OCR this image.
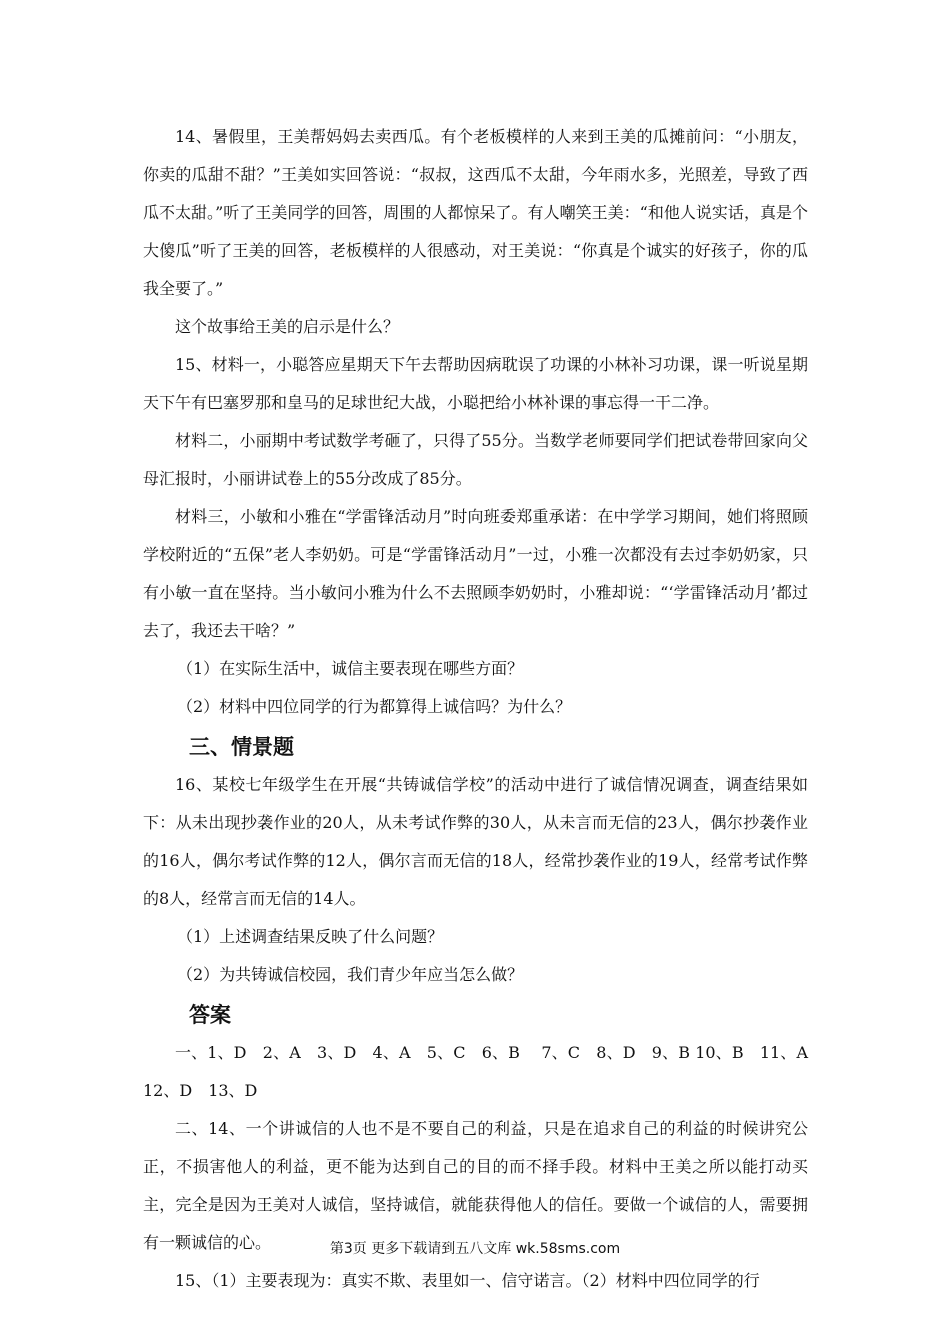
14、暑假里，王美帮妈妈去卖西瓜。有个老板模样的人来到王美的瓜摊前问：“小朋友，你卖的瓜甜不甜？”王美如实回答说：“叔叔，这西瓜不太甜，今年雨水多，光照差，导致了西瓜不太甜。”听了王美同学的回答，周围的人都惊呆了。有人嘲笑王美：“和他人说实话，真是个大傻瓜”听了王美的回答，老板模样的人很感动，对王美说：“你真是个诚实的好孩子，你的瓜我全要了。”

这个故事给王美的启示是什么？

15、材料一，小聪答应星期天下午去帮助因病耽误了功课的小林补习功课，课一听说星期天下午有巴塞罗那和皇马的足球世纪大战，小聪把给小林补课的事忘得一干二净。

材料二，小丽期中考试数学考砸了，只得了55分。当数学老师要同学们把试卷带回家向父母汇报时，小丽讲试卷上的55分改成了85分。

材料三，小敏和小雅在“学雷锋活动月”时向班委郑重承诺：在中学学习期间，她们将照顾学校附近的“五保”老人李奶奶。可是“学雷锋活动月”一过，小雅一次都没有去过李奶奶家，只有小敏一直在坚持。当小敏问小雅为什么不去照顾李奶奶时，小雅却说：“‘学雷锋活动月’都过去了，我还去干啥？”

（1）在实际生活中，诚信主要表现在哪些方面？

（2）材料中四位同学的行为都算得上诚信吗？为什么？

三、情景题

16、某校七年级学生在开展“共铸诚信学校”的活动中进行了诚信情况调查，调查结果如下：从未出现抄袭作业的20人，从未考试作弊的30人，从未言而无信的23人，偶尔抄袭作业的16人，偶尔考试作弊的12人，偶尔言而无信的18人，经常抄袭作业的19人，经常考试作弊的8人，经常言而无信的14人。

（1）上述调查结果反映了什么问题？

（2）为共铸诚信校园，我们青少年应当怎么做？

答案

一、1、D　2、A　3、D　4、A　5、C　6、B　 7、C　8、D　9、B 10、B　11、A　12、D　13、D

二、14、一个讲诚信的人也不是不要自己的利益，只是在追求自己的利益的时候讲究公正，不损害他人的利益，更不能为达到自己的目的而不择手段。材料中王美之所以能打动买主，完全是因为王美对人诚信，坚持诚信，就能获得他人的信任。要做一个诚信的人，需要拥有一颗诚信的心。

15、（1）主要表现为：真实不欺、表里如一、信守诺言。（2）材料中四位同学的行

第3页 更多下载请到五八文库 wk.58sms.com
